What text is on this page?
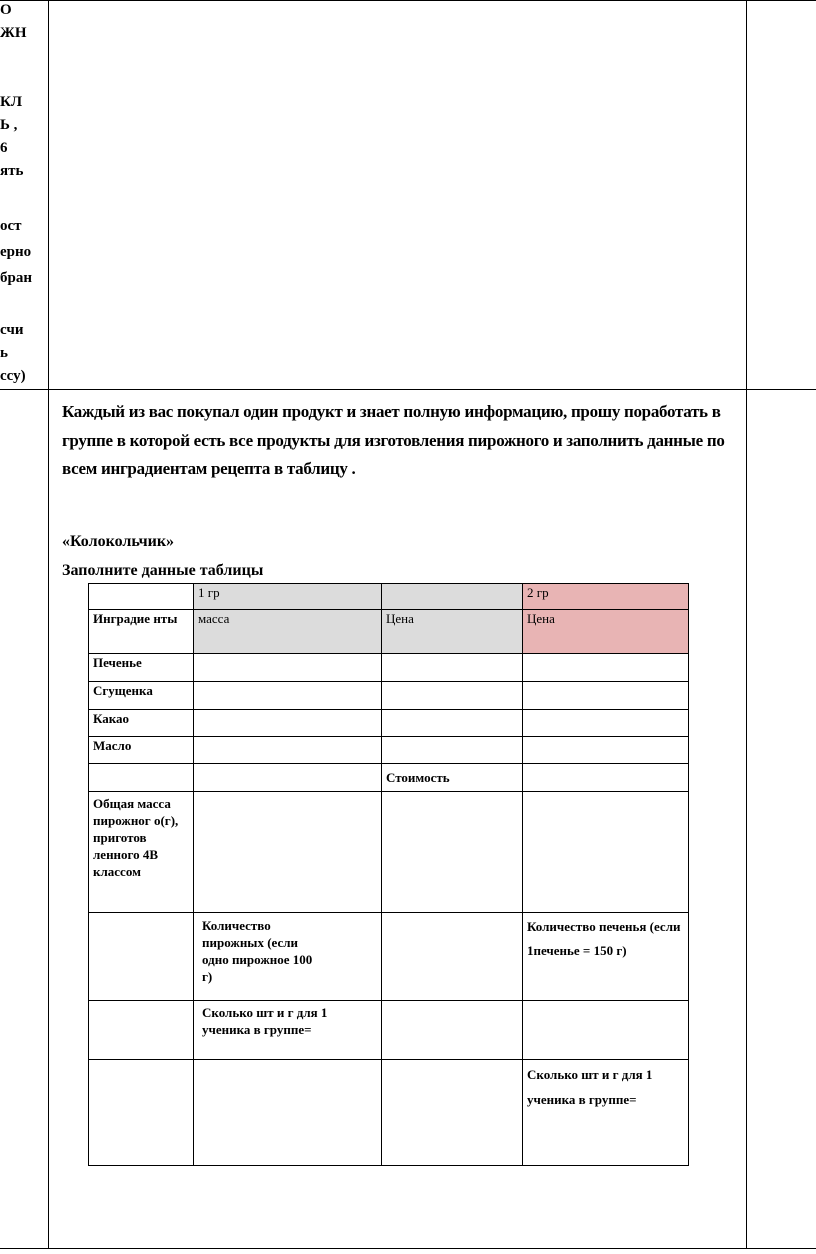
О
ЖН
КЛ
Ь ,
6
ять
ост
ерно
бран
счи
ь
ссу)
Каждый из вас покупал один продукт и знает полную информацию, прошу поработать в группе в которой есть все продукты для изготовления пирожного и заполнить данные по всем инградиентам рецепта в таблицу .
«Колокольчик»
Заполните данные таблицы
	1 гр		2 гр
Инградие нты	масса	Цена	Цена
Печенье			
Сгущенка			
Какао			
Масло			
		Стоимость	
Общая масса пирожног о(г), приготов ленного 4В классом			
	Количество пирожных (если одно пирожное 100 г)		Количество печенья (если 1печенье = 150 г)
	Сколько шт и г для 1 ученика в группе=		
			Сколько шт и г для 1 ученика в группе=
